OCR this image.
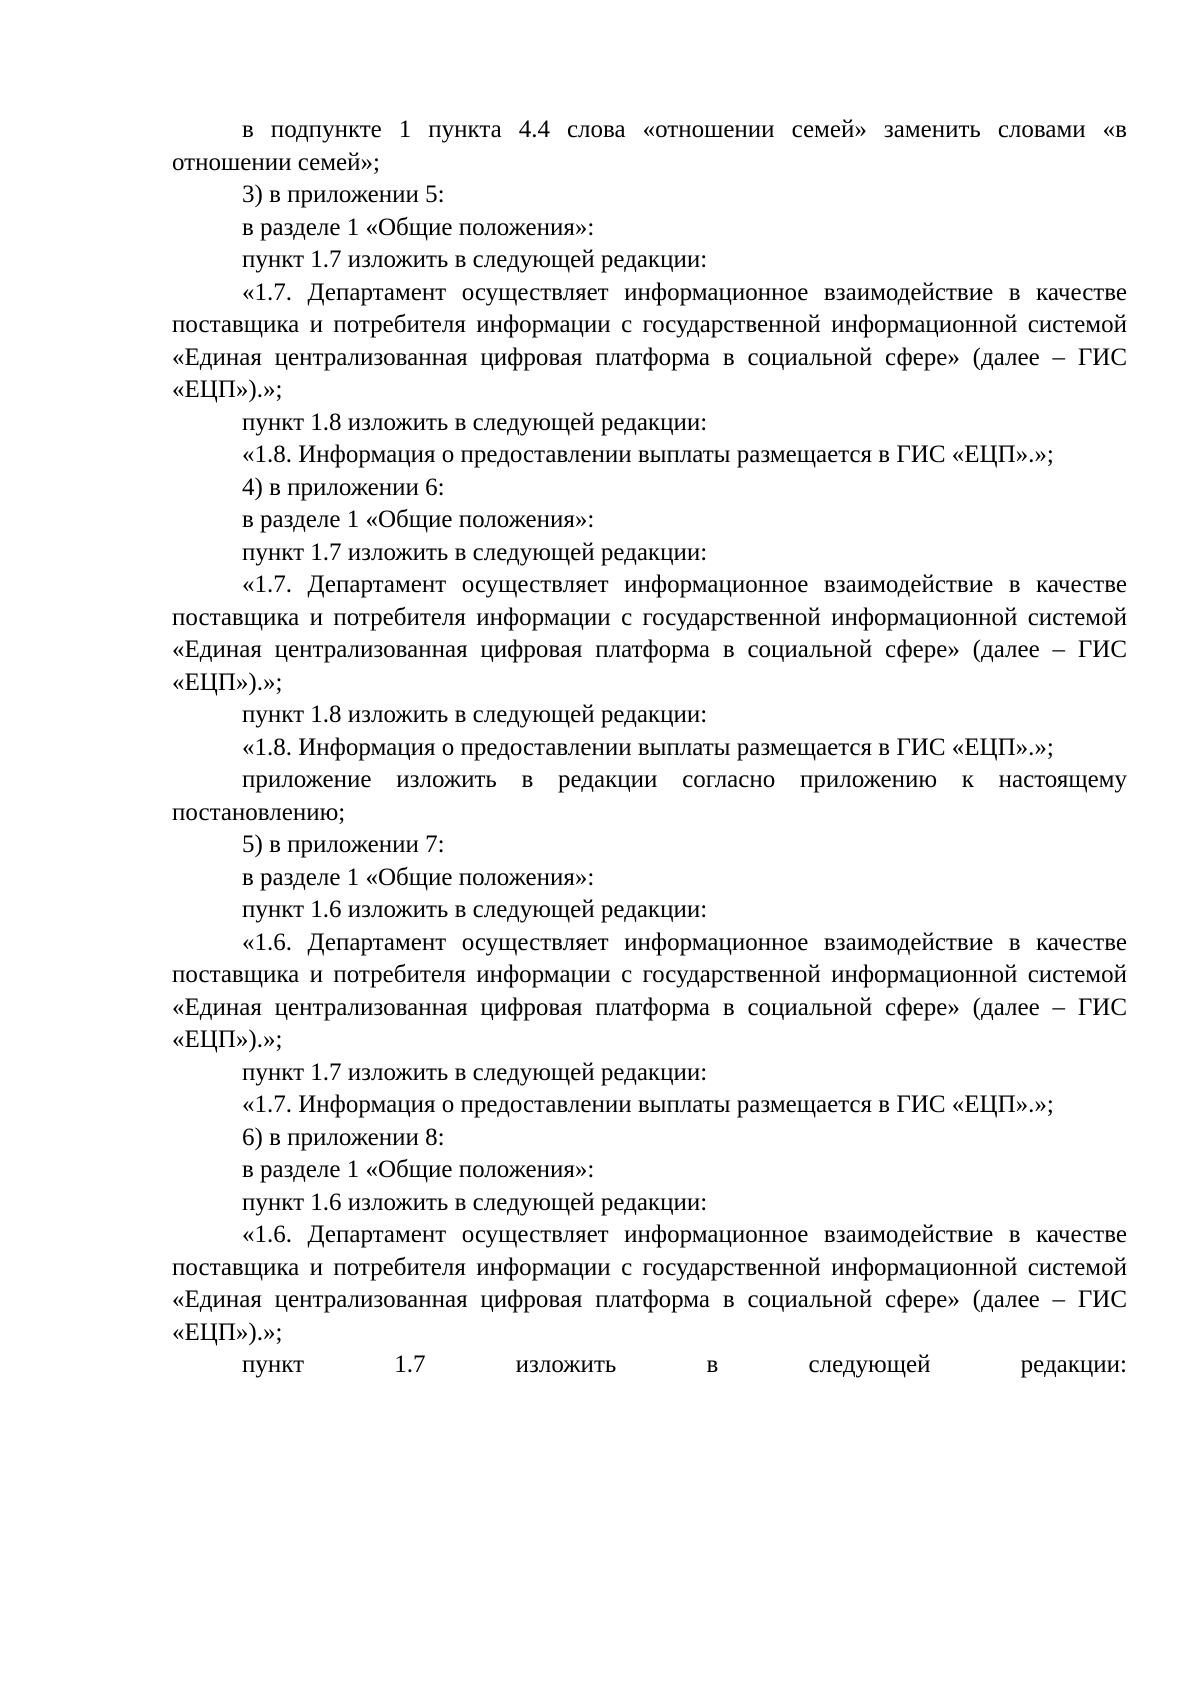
в подпункте 1 пункта 4.4 слова «отношении семей» заменить словами «в отношении семей»;

3) в приложении 5:

в разделе 1 «Общие положения»:

пункт 1.7 изложить в следующей редакции:

«1.7. Департамент осуществляет информационное взаимодействие в качестве поставщика и потребителя информации с государственной информационной системой «Единая централизованная цифровая платформа в социальной сфере» (далее – ГИС «ЕЦП»).»;

пункт 1.8 изложить в следующей редакции:

«1.8. Информация о предоставлении выплаты размещается в ГИС «ЕЦП».»;

4) в приложении 6:

в разделе 1 «Общие положения»:

пункт 1.7 изложить в следующей редакции:

«1.7. Департамент осуществляет информационное взаимодействие в качестве поставщика и потребителя информации с государственной информационной системой «Единая централизованная цифровая платформа в социальной сфере» (далее – ГИС «ЕЦП»).»;

пункт 1.8 изложить в следующей редакции:

«1.8. Информация о предоставлении выплаты размещается в ГИС «ЕЦП».»;

приложение изложить в редакции согласно приложению к настоящему постановлению;

5) в приложении 7:

в разделе 1 «Общие положения»:

пункт 1.6 изложить в следующей редакции:

«1.6. Департамент осуществляет информационное взаимодействие в качестве поставщика и потребителя информации с государственной информационной системой «Единая централизованная цифровая платформа в социальной сфере» (далее – ГИС «ЕЦП»).»;

пункт 1.7 изложить в следующей редакции:

«1.7. Информация о предоставлении выплаты размещается в ГИС «ЕЦП».»;

6) в приложении 8:

в разделе 1 «Общие положения»:

пункт 1.6 изложить в следующей редакции:

«1.6. Департамент осуществляет информационное взаимодействие в качестве поставщика и потребителя информации с государственной информационной системой «Единая централизованная цифровая платформа в социальной сфере» (далее – ГИС «ЕЦП»).»;

пункт 1.7 изложить в следующей редакции:
